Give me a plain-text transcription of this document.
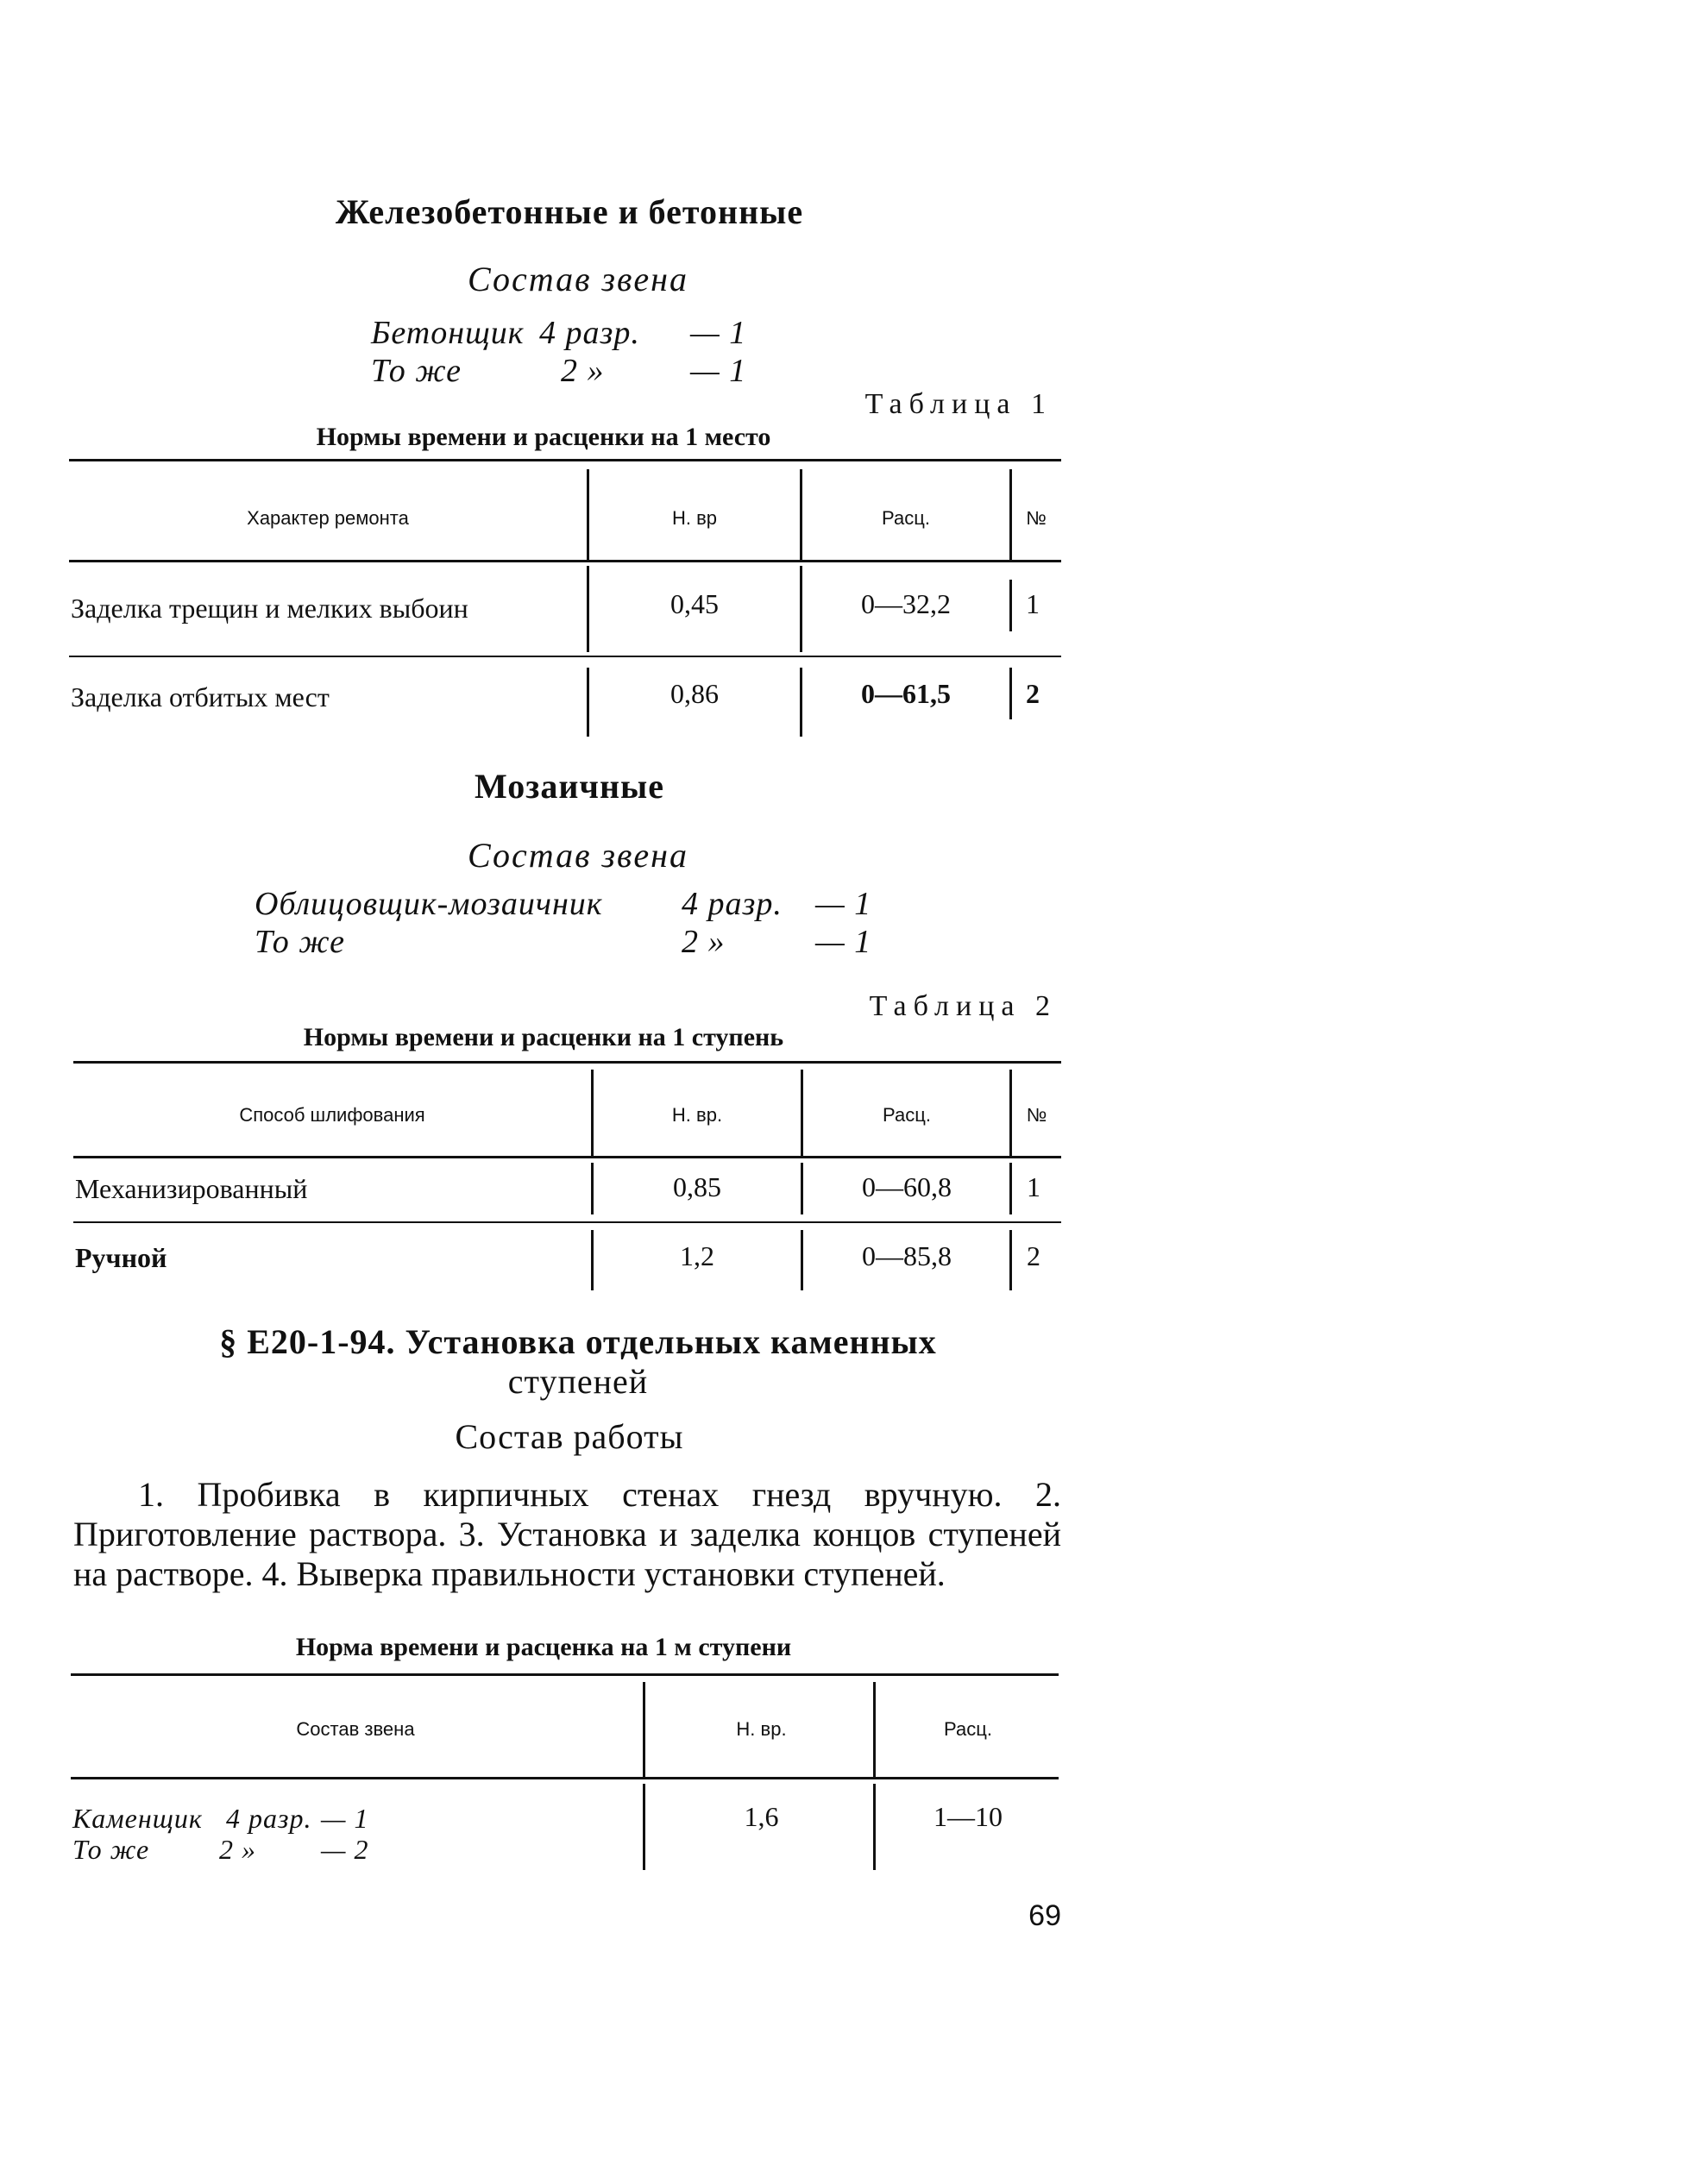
Железобетонные и бетонные
Состав звена
Бетонщик 4 разр. — 1
То же	2 »	— 1
Таблица 1
Нормы времени и расценки на 1 место
Характер ремонта	Н. вр	Расц.	№
Заделка трещин и мелких выбоин	0,45	0—32,2	1
Заделка отбитых мест	0,86	0—61,5	2
Мозаичные
Состав звена
Облицовщик-мозаичник 4 разр. — 1
То же	2 »	— 1
Таблица 2
Нормы времени и расценки на 1 ступень
Способ шлифования	Н. вр.	Расц.	№
Механизированный	0,85	0—60,8	1
Ручной	1,2	0—85,8	2
§ Е20-1-94. Установка отдельных каменных
ступеней
Состав работы
1. Пробивка в кирпичных стенах гнезд вручную. 2. Приготовление раствора. 3. Установка и заделка концов ступеней на растворе. 4. Выверка правильности установки ступеней.
Норма времени и расценка на 1 м ступени
Состав звена	Н. вр.	Расц.
Каменщик 4 разр. — 1
То же	2 » — 2
1,6	1—10
69
